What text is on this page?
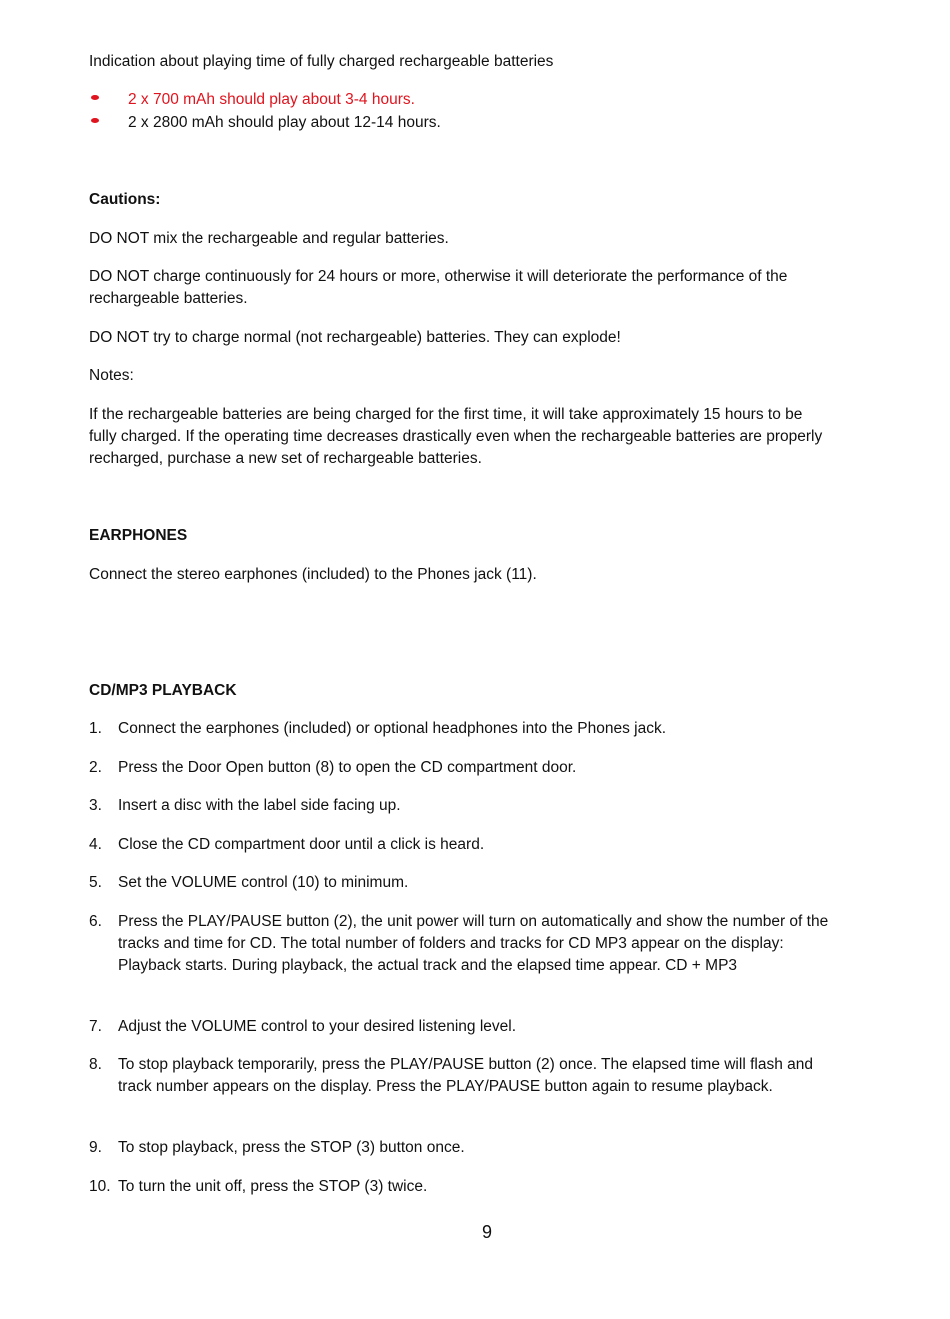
Indication about playing time of fully charged rechargeable batteries

2 x 700 mAh should play about 3-4 hours.
2 x 2800 mAh should play about 12-14 hours.

Cautions:

DO NOT mix the rechargeable and regular batteries.

DO NOT charge continuously for 24 hours or more, otherwise it will deteriorate the performance of the rechargeable batteries.

DO NOT try to charge normal (not rechargeable) batteries. They can explode!

Notes:

If the rechargeable batteries are being charged for the first time, it will take approximately 15 hours to be fully charged. If the operating time decreases drastically even when the rechargeable batteries are properly recharged, purchase a new set of rechargeable batteries.

EARPHONES

Connect the stereo earphones (included) to the Phones jack (11).

CD/MP3 PLAYBACK

1.	Connect the earphones (included) or optional headphones into the Phones jack.
2.	Press the Door Open button (8) to open the CD compartment door.
3.	Insert a disc with the label side facing up.
4.	Close the CD compartment door until a click is heard.
5.	Set the VOLUME control (10) to minimum.
6.	Press the PLAY/PAUSE button (2), the unit power will turn on automatically and show the number of the tracks and time for CD. The total number of folders and tracks for CD MP3 appear on the display: Playback starts. During playback, the actual track and the elapsed time appear. CD + MP3
7.	Adjust the VOLUME control to your desired listening level.
8.	To stop playback temporarily, press the PLAY/PAUSE button (2) once. The elapsed time will flash and track number appears on the display. Press the PLAY/PAUSE button again to resume playback.
9.	To stop playback, press the STOP (3) button once.
10. To turn the unit off, press the STOP (3) twice.
9
